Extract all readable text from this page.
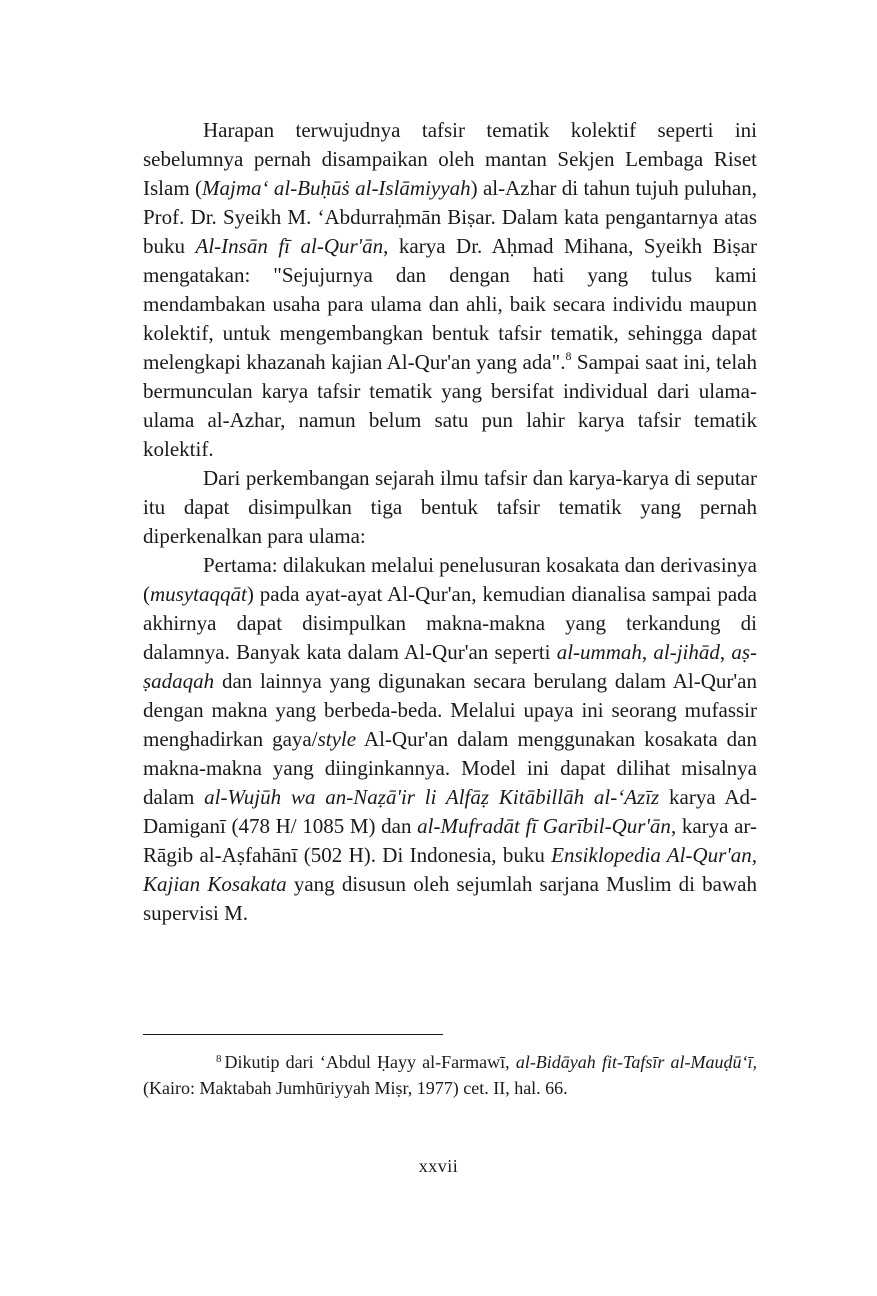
Harapan terwujudnya tafsir tematik kolektif seperti ini sebelumnya pernah disampaikan oleh mantan Sekjen Lembaga Riset Islam (Majma‘ al-Buḥūṡ al-Islāmiyyah) al-Azhar di tahun tujuh puluhan, Prof. Dr. Syeikh M. ‘Abdurraḥmān Biṣar. Dalam kata pengantarnya atas buku Al-Insān fī al-Qur'ān, karya Dr. Aḥmad Mihana, Syeikh Biṣar mengatakan: "Sejujurnya dan dengan hati yang tulus kami mendambakan usaha para ulama dan ahli, baik secara individu maupun kolektif, untuk mengembangkan bentuk tafsir tematik, sehingga dapat melengkapi khazanah kajian Al-Qur'an yang ada".$^8$ Sampai saat ini, telah bermunculan karya tafsir tematik yang bersifat individual dari ulama-ulama al-Azhar, namun belum satu pun lahir karya tafsir tematik kolektif.

Dari perkembangan sejarah ilmu tafsir dan karya-karya di seputar itu dapat disimpulkan tiga bentuk tafsir tematik yang pernah diperkenalkan para ulama:

Pertama: dilakukan melalui penelusuran kosakata dan derivasinya (musytaqqāt) pada ayat-ayat Al-Qur'an, kemudian dianalisa sampai pada akhirnya dapat disimpulkan makna-makna yang terkandung di dalamnya. Banyak kata dalam Al-Qur'an seperti al-ummah, al-jihād, aṣ-ṣadaqah dan lainnya yang digunakan secara berulang dalam Al-Qur'an dengan makna yang berbeda-beda. Melalui upaya ini seorang mufassir menghadirkan gaya/style Al-Qur'an dalam menggunakan kosakata dan makna-makna yang diinginkannya. Model ini dapat dilihat misalnya dalam al-Wujūh wa an-Naẓā'ir li Alfāẓ Kitābillāh al-‘Azīz karya Ad-Damiganī (478 H/ 1085 M) dan al-Mufradāt fī Garībil-Qur'ān, karya ar-Rāgib al-Aṣfahānī (502 H). Di Indonesia, buku Ensiklopedia Al-Qur'an, Kajian Kosakata yang disusun oleh sejumlah sarjana Muslim di bawah supervisi M.

$^8$ Dikutip dari ‘Abdul Ḥayy al-Farmawī, al-Bidāyah fit-Tafsīr al-Mauḍū‘ī, (Kairo: Maktabah Jumhūriyyah Miṣr, 1977) cet. II, hal. 66.
xxvii
